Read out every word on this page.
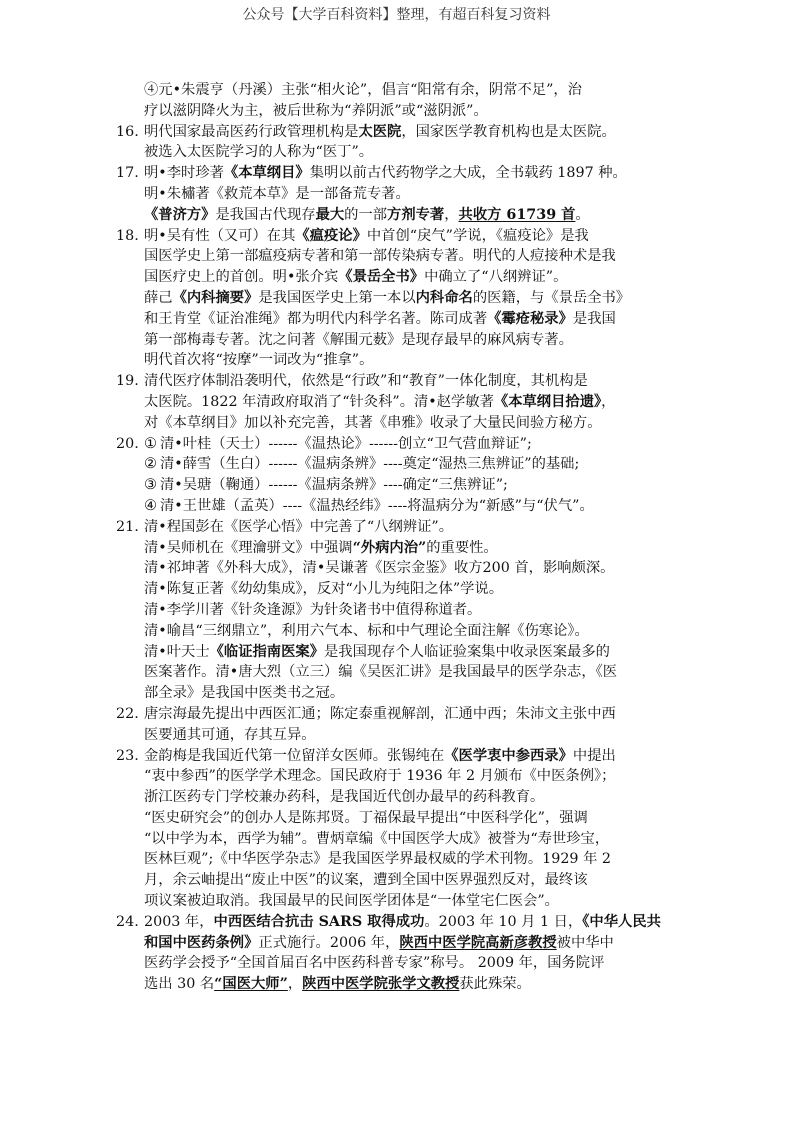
公众号【大学百科资料】整理，有超百科复习资料
④元•朱震亨（丹溪）主张“相火论”，倡言“阳常有余，阴常不足”，治
疗以滋阴降火为主，被后世称为“养阴派”或“滋阴派”。
16. 明代国家最高医药行政管理机构是太医院，国家医学教育机构也是太医院。
被选入太医院学习的人称为“医丁”。
17. 明•李时珍著《本草纲目》集明以前古代药物学之大成，全书载药 1897 种。
明•朱橚著《救荒本草》是一部备荒专著。
《普济方》是我国古代现存最大的一部方剂专著，共收方 61739 首。
18. 明•吴有性（又可）在其《瘟疫论》中首创“戾气”学说，《瘟疫论》是我
国医学史上第一部瘟疫病专著和第一部传染病专著。明代的人痘接种术是我
国医疗史上的首创。明•张介宾《景岳全书》中确立了“八纲辨证”。
薛己《内科摘要》是我国医学史上第一本以内科命名的医籍，与《景岳全书》
和王肯堂《证治准绳》都为明代内科学名著。陈司成著《霉疮秘录》是我国
第一部梅毒专著。沈之问著《解围元薮》是现存最早的麻风病专著。
明代首次将“按摩”一词改为“推拿”。
19. 清代医疗体制沿袭明代，依然是“行政”和“教育”一体化制度，其机构是
太医院。1822 年清政府取消了“针灸科”。清•赵学敏著《本草纲目拾遗》，
对《本草纲目》加以补充完善，其著《串雅》收录了大量民间验方秘方。
20. ① 清•叶桂（天士）------《温热论》------创立“卫气营血辩证”;
② 清•薛雪（生白）------《温病条辨》----奠定“湿热三焦辨证”的基础;
③ 清•吴瑭（鞠通）------《温病条辨》----确定“三焦辨证”;
④ 清•王世雄（孟英）----《温热经纬》----将温病分为“新感”与“伏气”。
21. 清•程国彭在《医学心悟》中完善了“八纲辨证”。
清•吴师机在《理瀹骈文》中强调“外病内治”的重要性。
清•祁坤著《外科大成》，清•吴谦著《医宗金鉴》收方200 首，影响颇深。
清•陈复正著《幼幼集成》，反对“小儿为纯阳之体”学说。
清•李学川著《针灸逢源》为针灸诸书中值得称道者。
清•喻昌“三纲鼎立”，利用六气本、标和中气理论全面注解《伤寒论》。
清•叶天士《临证指南医案》是我国现存个人临证验案集中收录医案最多的
医案著作。清•唐大烈（立三）编《吴医汇讲》是我国最早的医学杂志，《医
部全录》是我国中医类书之冠。
22. 唐宗海最先提出中西医汇通；陈定泰重视解剖，汇通中西；朱沛文主张中西
医要通其可通，存其互异。
23. 金韵梅是我国近代第一位留洋女医师。张锡纯在《医学衷中参西录》中提出
“衷中参西”的医学学术理念。国民政府于 1936 年 2 月颁布《中医条例》；
浙江医药专门学校兼办药科，是我国近代创办最早的药科教育。
“医史研究会”的创办人是陈邦贤。丁福保最早提出“中医科学化”，强调
“以中学为本，西学为辅”。曹炳章编《中国医学大成》被誉为“寿世珍宝，
医林巨观”;《中华医学杂志》是我国医学界最权威的学术刊物。1929 年 2
月，余云岫提出“废止中医”的议案，遭到全国中医界强烈反对，最终该
项议案被迫取消。我国最早的民间医学团体是“一体堂宅仁医会”。
24. 2003 年，中西医结合抗击 SARS 取得成功。2003 年 10 月 1 日，《中华人民共
和国中医药条例》正式施行。2006 年，陕西中医学院高新彦教授被中华中
医药学会授予“全国首届百名中医药科普专家”称号。 2009 年，国务院评
选出 30 名“国医大师”，陕西中医学院张学文教授获此殊荣。
